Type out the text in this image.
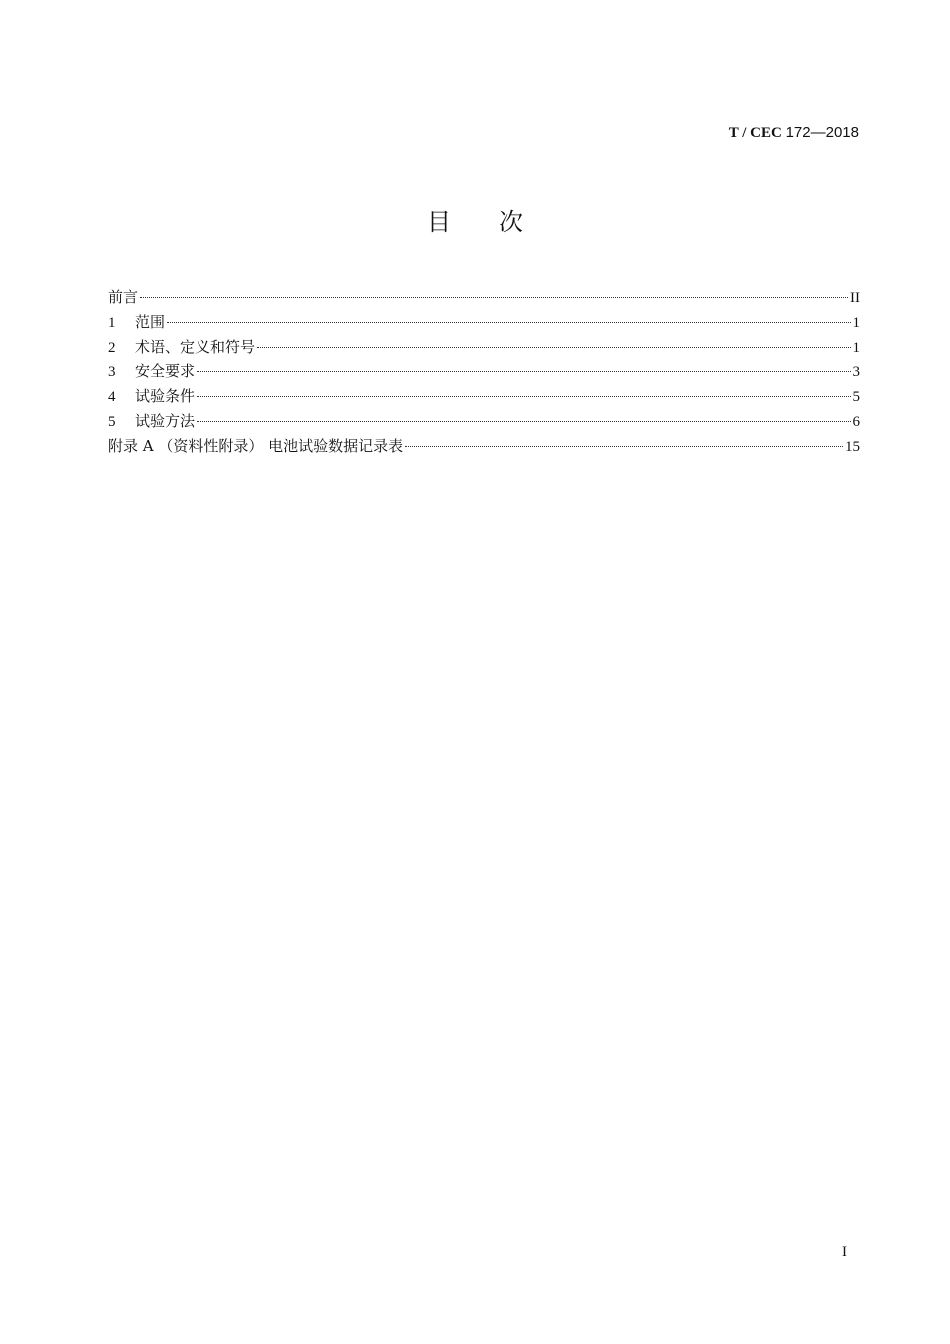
T / CEC 172—2018
目次
前言	II
1	范围	1
2	术语、定义和符号	1
3	安全要求	3
4	试验条件	5
5	试验方法	6
附录 A （资料性附录） 电池试验数据记录表	15
I
